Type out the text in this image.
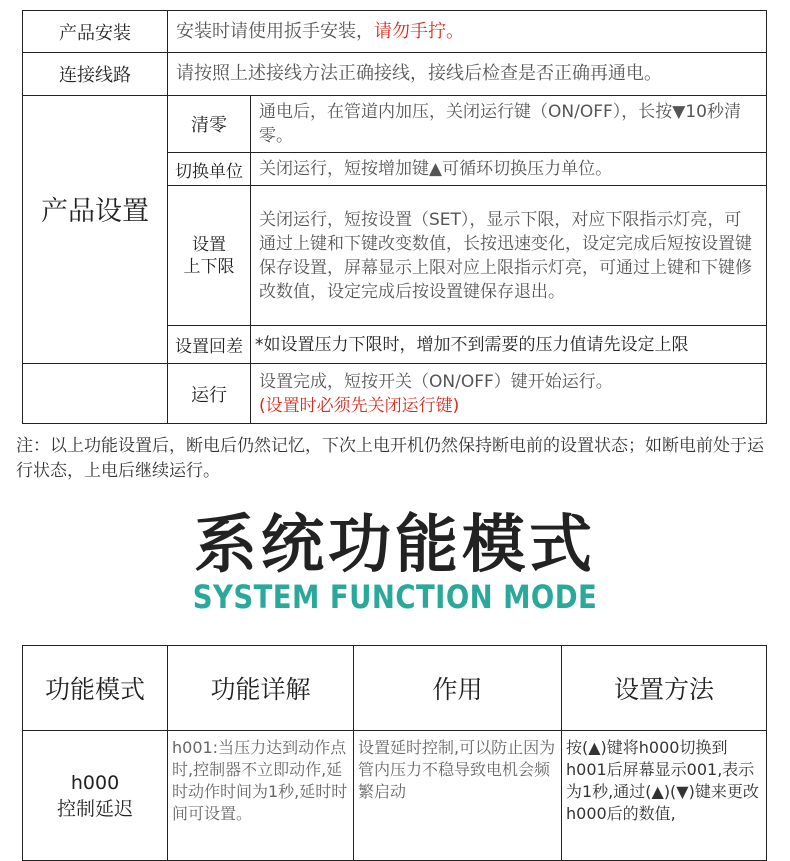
产品安装	安装时请使用扳手安装，请勿手拧。	
连接线路	请按照上述接线方法正确接线，接线后检查是否正确再通电。	
产品设置	清零	通电后，在管道内加压，关闭运行键（ON/OFF），长按▼10秒清零。
	切换单位	关闭运行，短按增加键▲可循环切换压力单位。

	设置
上下限	关闭运行，短按设置（SET），显示下限，对应下限指示灯亮，可通过上键和下键改变数值，长按迅速变化，设定完成后短按设置键保存设置，屏幕显示上限对应上限指示灯亮，可通过上键和下键修改数值，设定完成后按设置键保存退出。
	设置回差	*如设置压力下限时，增加不到需要的压力值请先设定上限
	运行	设置完成，短按开关（ON/OFF）键开始运行。
(设置时必须先关闭运行键)
注：以上功能设置后，断电后仍然记忆，下次上电开机仍然保持断电前的设置状态；如断电前处于运行状态，上电后继续运行。
系统功能模式
SYSTEM FUNCTION MODE
功能模式	功能详解	作用	设置方法

h000
控制延迟	h001:当压力达到动作点时,控制器不立即动作,延时动作时间为1秒,延时时间可设置。	设置延时控制,可以防止因为管内压力不稳导致电机会频繁启动	按(▲)键将h000切换到h001后屏幕显示001,表示为1秒,通过(▲)(▼)键来更改h000后的数值,
